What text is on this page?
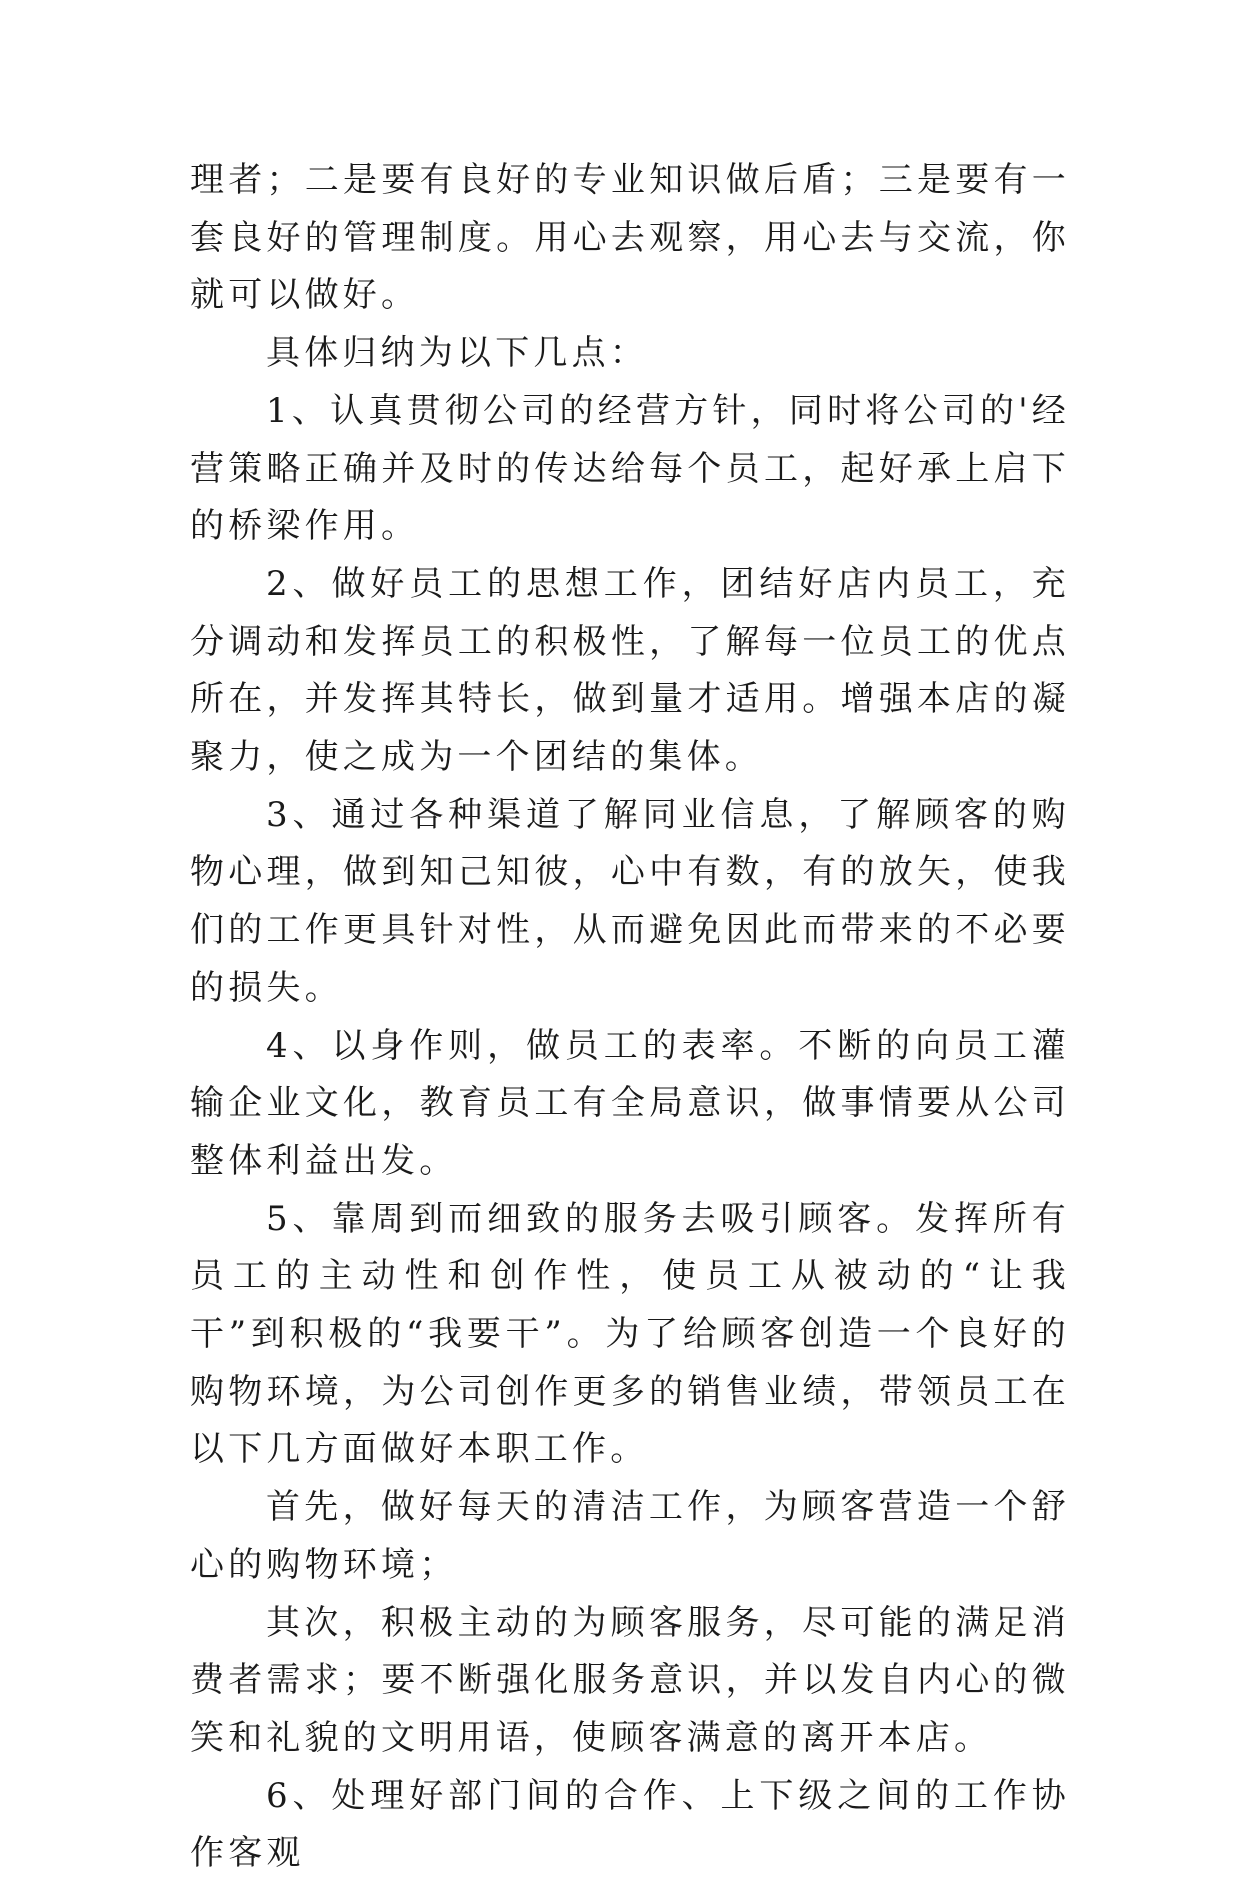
理者；二是要有良好的专业知识做后盾；三是要有一套良好的管理制度。用心去观察，用心去与交流，你就可以做好。

具体归纳为以下几点：

1、认真贯彻公司的经营方针，同时将公司的'经营策略正确并及时的传达给每个员工，起好承上启下的桥梁作用。

2、做好员工的思想工作，团结好店内员工，充分调动和发挥员工的积极性，了解每一位员工的优点所在，并发挥其特长，做到量才适用。增强本店的凝聚力，使之成为一个团结的集体。

3、通过各种渠道了解同业信息，了解顾客的购物心理，做到知己知彼，心中有数，有的放矢，使我们的工作更具针对性，从而避免因此而带来的不必要的损失。

4、以身作则，做员工的表率。不断的向员工灌输企业文化，教育员工有全局意识，做事情要从公司整体利益出发。

5、靠周到而细致的服务去吸引顾客。发挥所有员工的主动性和创作性，使员工从被动的“让我干”到积极的“我要干”。为了给顾客创造一个良好的购物环境，为公司创作更多的销售业绩，带领员工在以下几方面做好本职工作。

首先，做好每天的清洁工作，为顾客营造一个舒心的购物环境；

其次，积极主动的为顾客服务，尽可能的满足消费者需求；要不断强化服务意识，并以发自内心的微笑和礼貌的文明用语，使顾客满意的离开本店。

6、处理好部门间的合作、上下级之间的工作协作客观
